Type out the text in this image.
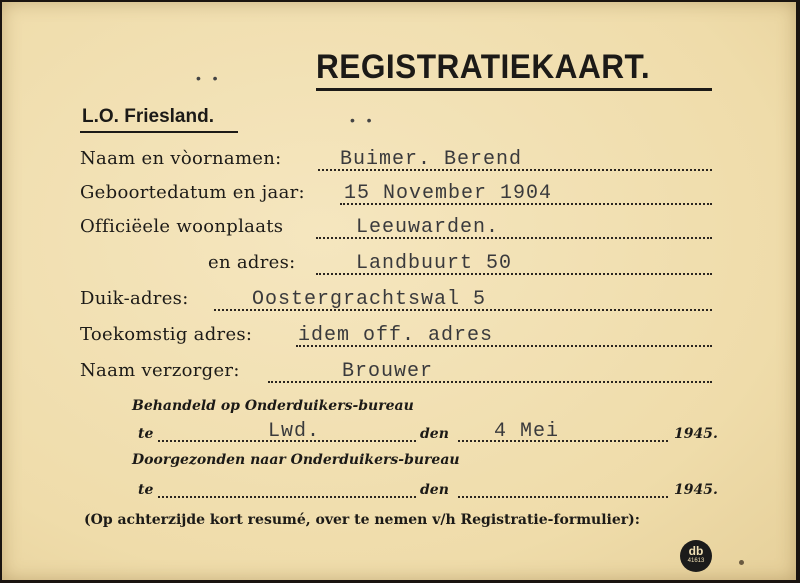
•   •
•   •
REGISTRATIEKAART.
L.O. Friesland.
Naam en vòornamen:	Buimer. Berend
Geboortedatum en jaar: 15 November 1904
Officiëele woonplaats	Leeuwarden.
en adres:	Landbuurt 50
Duik-adres:	Oostergrachtswal 5
Toekomstig adres: idem off. adres
Naam verzorger:	Brouwer
Behandeld op Onderduikers-bureau
te	Lwd.	den 4 Mei	1945.
Doorgezonden naar Onderduikers-bureau
te	den	1945.
(Op achterzijde kort resumé, over te nemen v/h Registratie-formulier):
db
41613
